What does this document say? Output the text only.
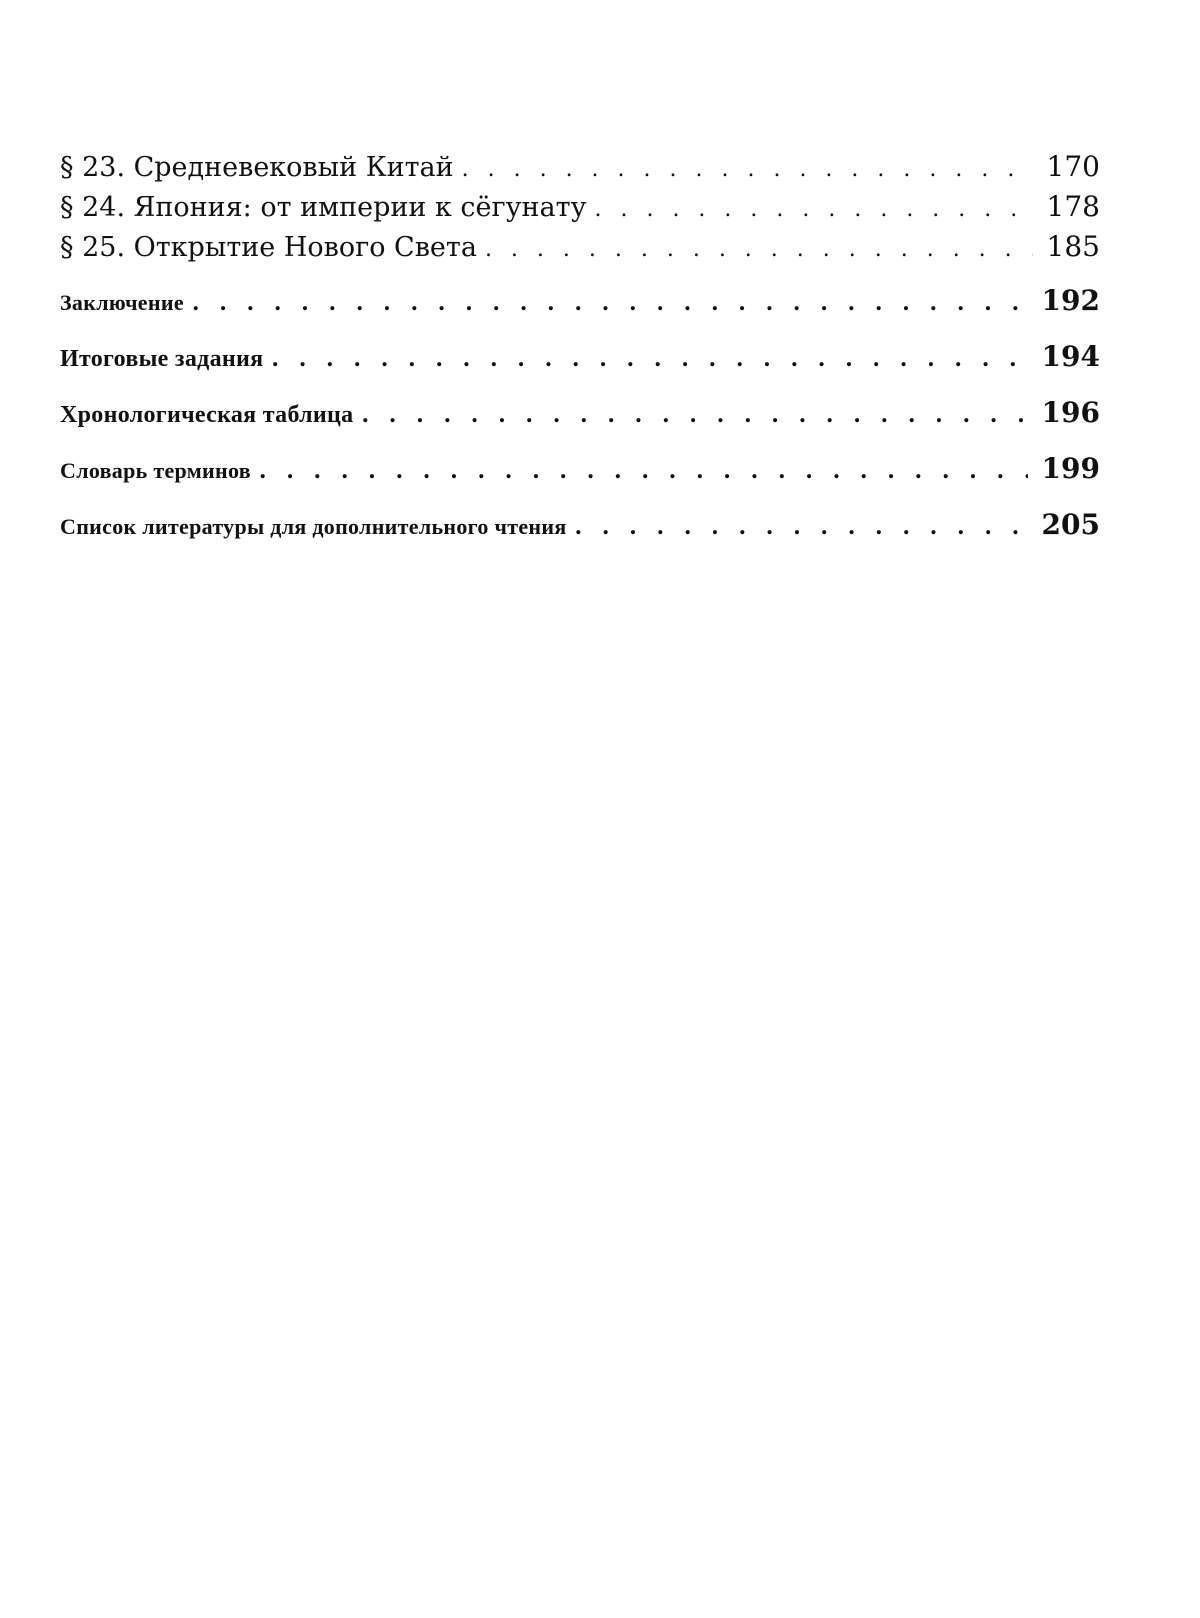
§ 23. Средневековый Китай . . .	170
§ 24. Япония: от империи к сёгунату . . .	178
§ 25. Открытие Нового Света . . .	185
Заключение . . .	192
Итоговые задания . . .	194
Хронологическая таблица . . .	196
Словарь терминов . . .	199
Список литературы для дополнительного чтения . . .	205
